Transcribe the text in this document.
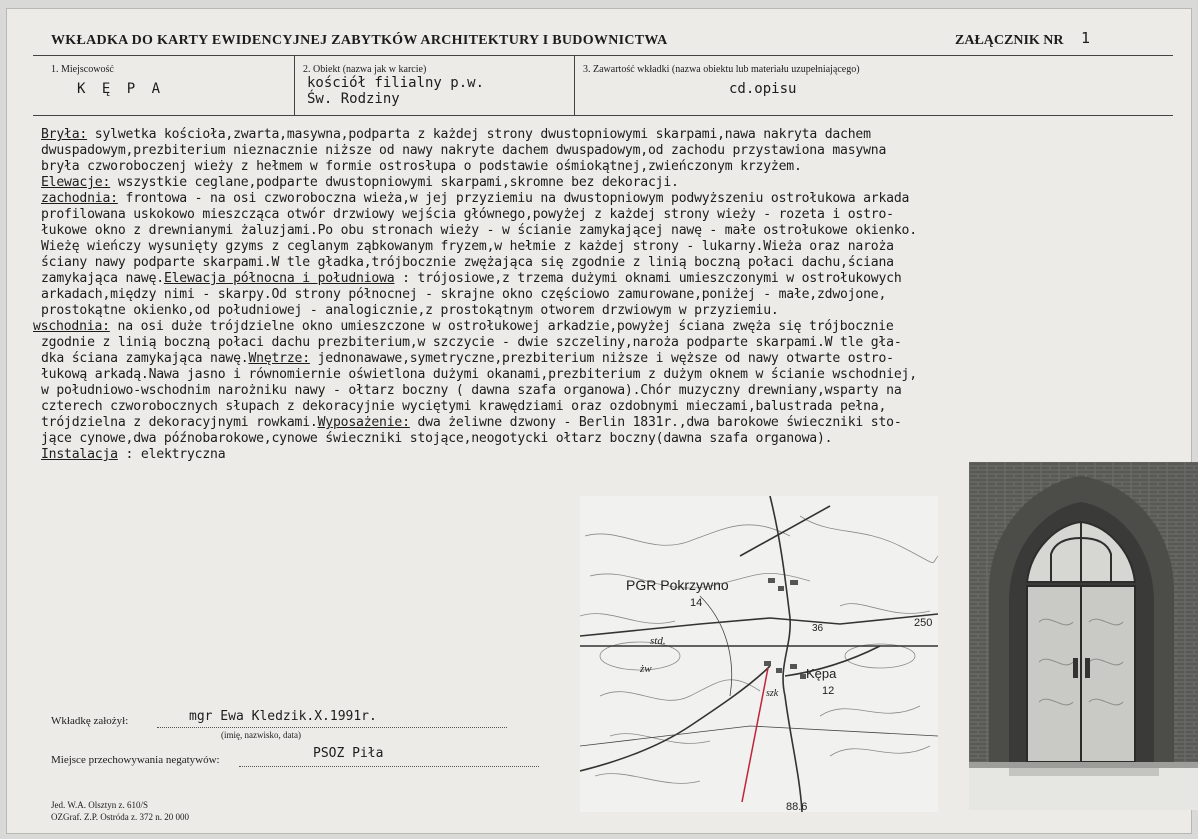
WKŁADKA DO KARTY EWIDENCYJNEJ ZABYTKÓW ARCHITEKTURY I BUDOWNICTWA	ZAŁĄCZNIK NR 1
1. Miejscowość
K Ę P A
2. Obiekt (nazwa jak w karcie)
kościół filialny p.w.
Św. Rodziny
3. Zawartość wkładki (nazwa obiektu lub materiału uzupełniającego)
cd.opisu
Bryła: sylwetka kościoła,zwarta,masywna,podparta z każdej strony dwustopniowymi skarpami,nawa nakryta dachem
dwuspadowym,prezbiterium nieznacznie niższe od nawy nakryte dachem dwuspadowym,od zachodu przystawiona masywna
bryła czworoboczenj wieży z hełmem w formie ostrosłupa o podstawie ośmiokątnej,zwieńczonym krzyżem.
Elewacje: wszystkie ceglane,podparte dwustopniowymi skarpami,skromne bez dekoracji.
zachodnia: frontowa - na osi czworoboczna wieża,w jej przyziemiu na dwustopniowym podwyższeniu ostrołukowa arkada
profilowana uskokowo mieszcząca otwór drzwiowy wejścia głównego,powyżej z każdej strony wieży - rozeta i ostro-
łukowe okno z drewnianymi żaluzjami.Po obu stronach wieży - w ścianie zamykającej nawę - małe ostrołukowe okienko.
Wieżę wieńczy wysunięty gzyms z ceglanym ząbkowanym fryzem,w hełmie z każdej strony - lukarny.Wieża oraz naroża
ściany nawy podparte skarpami.W tle gładka,trójbocznie zwężająca się zgodnie z linią boczną połaci dachu,ściana
zamykająca nawę.Elewacja północna i południowa : trójosiowe,z trzema dużymi oknami umieszczonymi w ostrołukowych
arkadach,między nimi - skarpy.Od strony północnej - skrajne okno częściowo zamurowane,poniżej - małe,zdwojone,
prostokątne okienko,od południowej - analogicznie,z prostokątnym otworem drzwiowym w przyziemiu.
wschodnia: na osi duże trójdzielne okno umieszczone w ostrołukowej arkadzie,powyżej ściana zwęża się trójbocznie
zgodnie z linią boczną połaci dachu prezbiterium,w szczycie - dwie szczeliny,naroża podparte skarpami.W tle gła-
dka ściana zamykająca nawę.Wnętrze: jednonawawe,symetryczne,prezbiterium niższe i węższe od nawy otwarte ostro-
łukową arkadą.Nawa jasno i równomiernie oświetlona dużymi okanami,prezbiterium z dużym oknem w ścianie wschodniej,
w południowo-wschodnim narożniku nawy - ołtarz boczny ( dawna szafa organowa).Chór muzyczny drewniany,wsparty na
czterech czworobocznych słupach z dekoracyjnie wyciętymi krawędziami oraz ozdobnymi mieczami,balustrada pełna,
trójdzielna z dekoracyjnymi rowkami.Wyposażenie: dwa żeliwne dzwony - Berlin 1831r.,dwa barokowe świeczniki sto-
jące cynowe,dwa późnobarokowe,cynowe świeczniki stojące,neogotycki ołtarz boczny(dawna szafa organowa).
Instalacja : elektryczna
PGR Pokrzywno
14
std.
Kępa
12
250
36
żw
szk
88.6
Wkładkę założył:	mgr Ewa Kledzik.X.1991r.
(imię, nazwisko, data)
Miejsce przechowywania negatywów:	PSOZ Piła
Jed. W.A. Olsztyn z. 610/S
OZGraf. Z.P. Ostróda z. 372 n. 20 000
